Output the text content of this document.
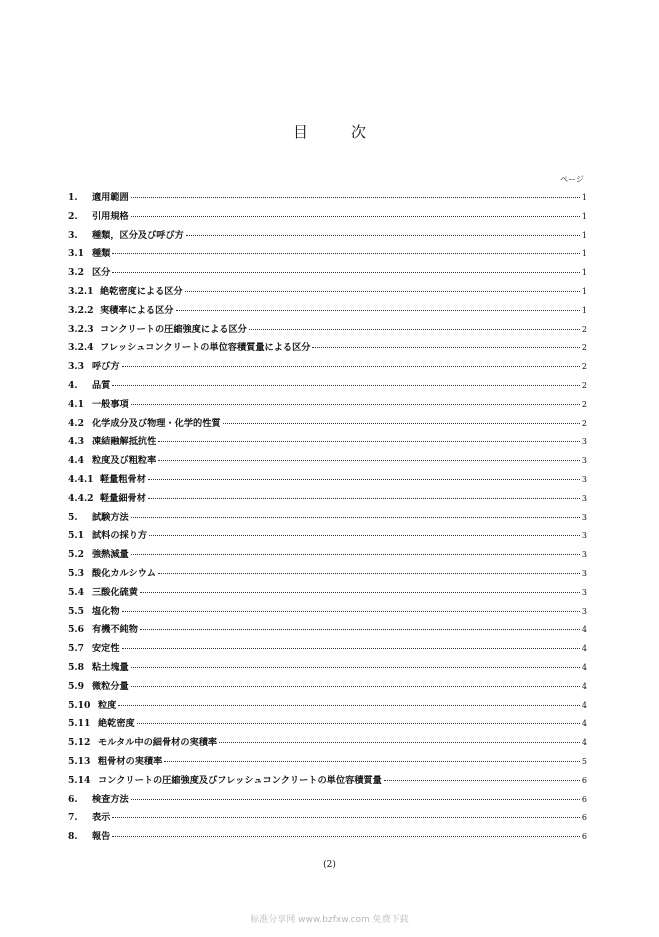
目　次
ページ
1.	適用範囲	1
2.	引用規格	1
3.	種類，区分及び呼び方	1
3.1 種類	1
3.2 区分	1
3.2.1 絶乾密度による区分	1
3.2.2 実積率による区分	1
3.2.3 コンクリートの圧縮強度による区分	2
3.2.4 フレッシュコンクリートの単位容積質量による区分	2
3.3 呼び方	2
4.	品質	2
4.1 一般事項	2
4.2 化学成分及び物理・化学的性質	2
4.3 凍結融解抵抗性	3
4.4 粒度及び粗粒率	3
4.4.1 軽量粗骨材	3
4.4.2 軽量細骨材	3
5.	試験方法	3
5.1 試料の採り方	3
5.2 強熱減量	3
5.3 酸化カルシウム	3
5.4 三酸化硫黄	3
5.5 塩化物	3
5.6 有機不純物	4
5.7 安定性	4
5.8 粘土塊量	4
5.9 微粒分量	4
5.10 粒度	4
5.11 絶乾密度	4
5.12 モルタル中の細骨材の実積率	4
5.13 粗骨材の実積率	5
5.14 コンクリートの圧縮強度及びフレッシュコンクリートの単位容積質量	6
6.	検査方法	6
7.	表示	6
8.	報告	6
(2)
标准分享网 www.bzfxw.com 免费下载
